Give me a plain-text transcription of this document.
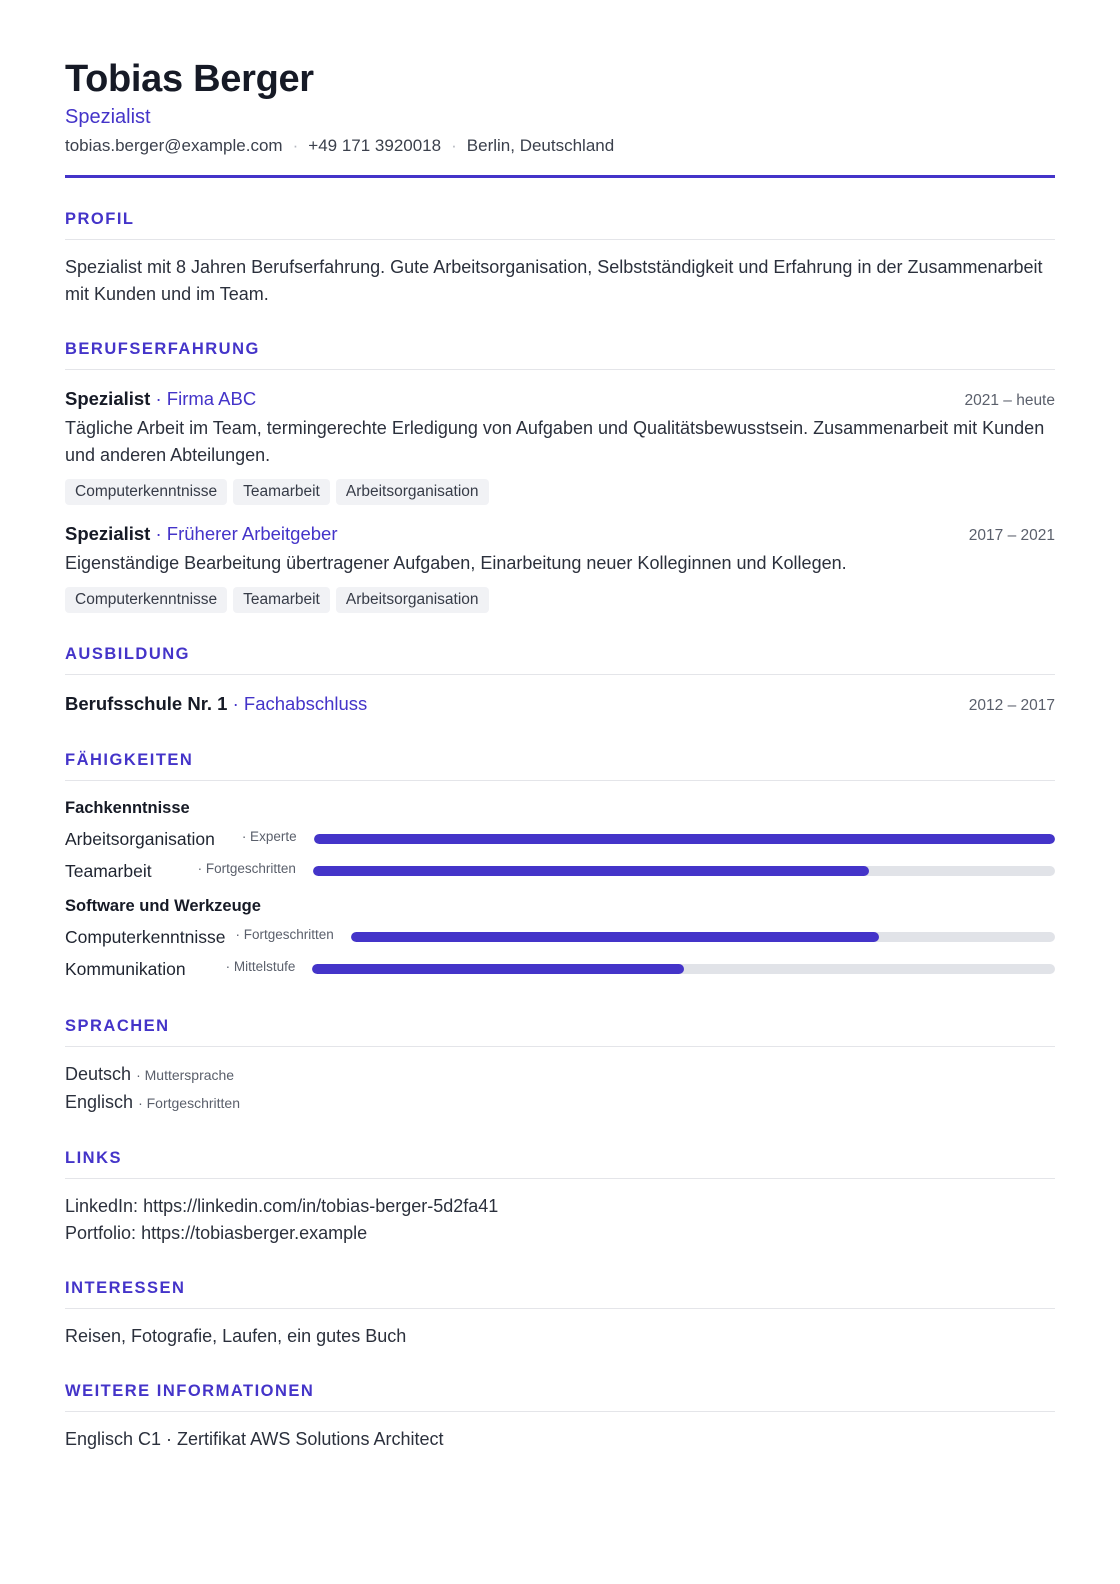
Tobias Berger
Spezialist
tobias.berger@example.com · +49 171 3920018 · Berlin, Deutschland
PROFIL
Spezialist mit 8 Jahren Berufserfahrung. Gute Arbeitsorganisation, Selbstständigkeit und Erfahrung in der Zusammenarbeit mit Kunden und im Team.
BERUFSERFAHRUNG
Spezialist · Firma ABC	2021 – heute
Tägliche Arbeit im Team, termingerechte Erledigung von Aufgaben und Qualitätsbewusstsein. Zusammenarbeit mit Kunden und anderen Abteilungen.
Computerkenntnisse	Teamarbeit	Arbeitsorganisation
Spezialist · Früherer Arbeitgeber	2017 – 2021
Eigenständige Bearbeitung übertragener Aufgaben, Einarbeitung neuer Kolleginnen und Kollegen.
Computerkenntnisse	Teamarbeit	Arbeitsorganisation
AUSBILDUNG
Berufsschule Nr. 1 · Fachabschluss	2012 – 2017
FÄHIGKEITEN
Fachkenntnisse
Arbeitsorganisation · Experte
Teamarbeit	· Fortgeschritten
Software und Werkzeuge
Computerkenntnisse · Fortgeschritten
Kommunikation	· Mittelstufe
SPRACHEN
Deutsch · Muttersprache
Englisch · Fortgeschritten
LINKS
LinkedIn: https://linkedin.com/in/tobias-berger-5d2fa41
Portfolio: https://tobiasberger.example
INTERESSEN
Reisen, Fotografie, Laufen, ein gutes Buch
WEITERE INFORMATIONEN
Englisch C1 · Zertifikat AWS Solutions Architect
